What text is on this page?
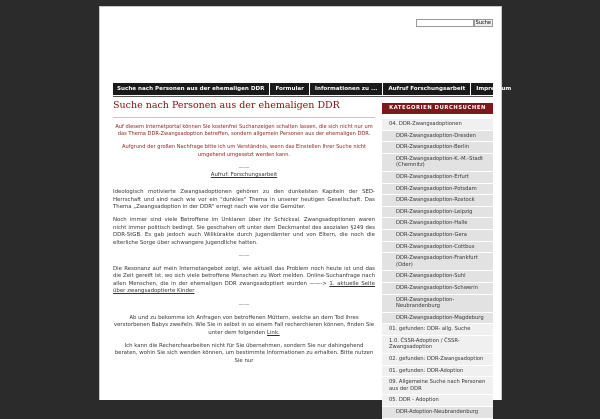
Suche
Suche nach Personen aus der ehemaligen DDR	Formular	Informationen zu ...	Aufruf Forschungsarbeit	Impressum
Suche nach Personen aus der ehemaligen DDR

Auf diesem Internetportal können Sie kostenfrei Suchanzeigen schalten lassen, die sich nicht nur um das Thema DDR-Zwangsadoption betreffen, sondern allgemein Personen aus der ehemaligen DDR.

Aufgrund der großen Nachfrage bitte ich um Verständnis, wenn das Einstellen Ihrer Suche nicht umgehend umgesetzt werden kann.

——

Aufruf: Forschungsarbeit

Ideologisch motivierte Zwangsadoptionen gehören zu den dunkelsten Kapiteln der SED-Herrschaft und sind nach wie vor ein "dunkles" Thema in unserer heutigen Gesellschaft. Das Thema „Zwangsadoption in der DDR" erregt nach wie vor die Gemüter.

Noch immer sind viele Betroffene im Unklaren über ihr Schicksal. Zwangsadoptionen waren nicht immer politisch bedingt. Sie geschahen oft unter dem Deckmantel des asozialen §249 des DDR-StGB. Es gab jedoch auch Willkürakte durch Jugendämter und von Eltern, die noch die elterliche Sorge über schwangere Jugendliche hatten.

——

Die Resonanz auf mein Internetangebot zeigt, wie aktuell das Problem noch heute ist und das die Zeit gereift ist, wo sich viele betroffene Menschen zu Wort melden. Online-Suchanfrage nach allen Menschen, die in der ehemaligen DDR zwangsadoptiert wurden ——-> 1. aktuelle Seite über zwangsadoptierte Kinder

——

Ab und zu bekomme ich Anfragen von betroffenen Müttern, welche an dem Tod ihres verstorbenen Babys zweifeln. Wie Sie in selbst in so einem Fall recherchieren können, finden Sie unter dem folgenden Link.

Ich kann die Recherchearbeiten nicht für Sie übernehmen, sondern Sie nur dahingehend beraten, wohin Sie sich wenden können, um bestimmte Informationen zu erhalten. Bitte nutzen Sie nur

KATEGORIEN DURCHSUCHEN
04. DDR-Zwangsadoptionen
DDR-Zwangsadoption-Dresden
DDR-Zwangsadoption-Berlin
DDR-Zwangsadoption-K.-M.-Stadt (Chemnitz)
DDR-Zwangsadoption-Erfurt
DDR-Zwangsadoption-Potsdam
DDR-Zwangsadoption-Rostock
DDR-Zwangsadoption-Leipzig
DDR-Zwangsadoption-Halle
DDR-Zwangsadoption-Gera
DDR-Zwangsadoption-Cottbus
DDR-Zwangsadoption-Frankfurt (Oder)
DDR-Zwangsadoption-Suhl
DDR-Zwangsadoption-Schwerin
DDR-Zwangsadoption-Neubrandenburg
DDR-Zwangsadoption-Magdeburg
01. gefunden: DDR- allg. Suche
1.0. ČSSR-Adoption / ČSSR-Zwangsadoption
02. gefunden: DDR-Zwangsadoption
01. gefunden: DDR-Adoption
09. Allgemeine Suche nach Personen aus der DDR
05. DDR - Adoption
DDR-Adoption-Neubrandenburg
